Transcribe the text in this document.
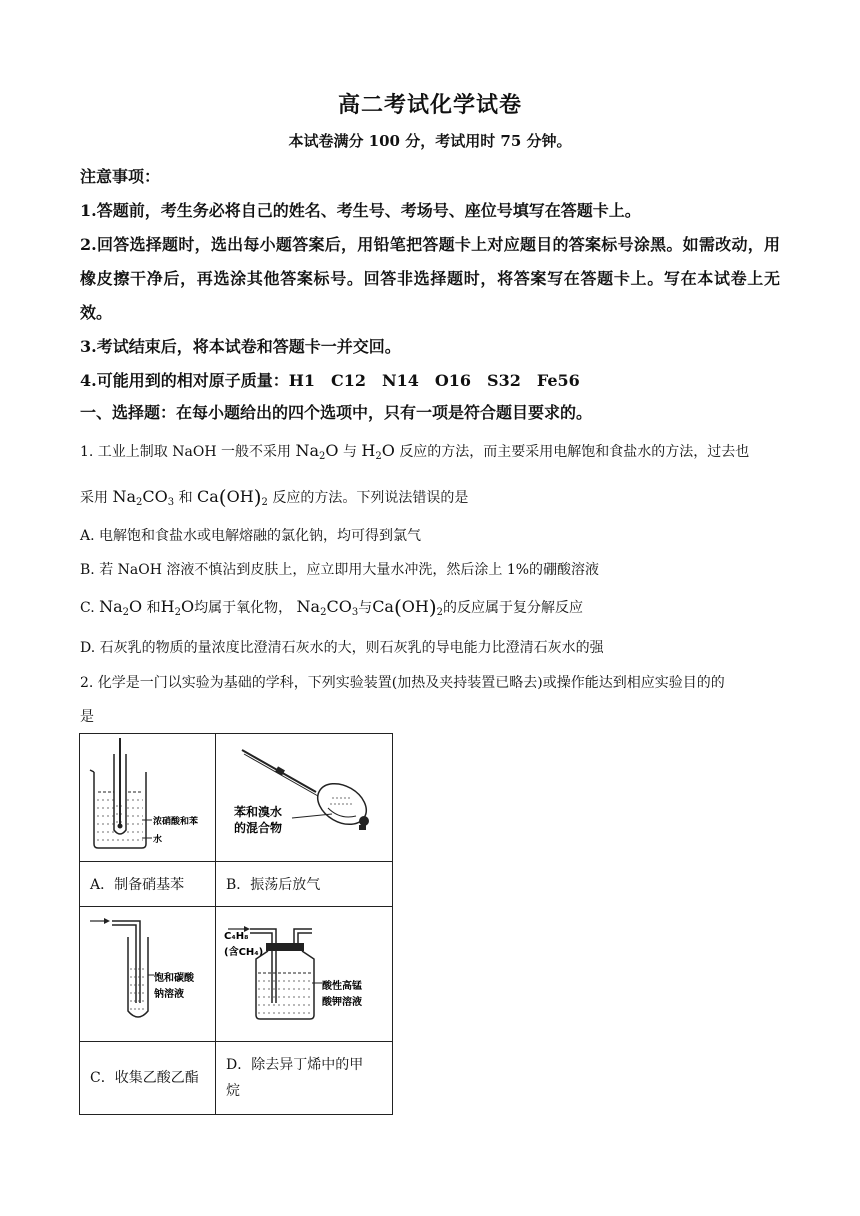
高二考试化学试卷
本试卷满分 100 分，考试用时 75 分钟。
注意事项：
1.答题前，考生务必将自己的姓名、考生号、考场号、座位号填写在答题卡上。
2.回答选择题时，选出每小题答案后，用铅笔把答题卡上对应题目的答案标号涂黑。如需改动，用橡皮擦干净后，再选涂其他答案标号。回答非选择题时，将答案写在答题卡上。写在本试卷上无效。
3.考试结束后，将本试卷和答题卡一并交回。
4.可能用到的相对原子质量：H1　C12　N14　O16　S32　Fe56
一、选择题：在每小题给出的四个选项中，只有一项是符合题目要求的。
1. 工业上制取 NaOH 一般不采用 $Na_2O$ 与 $H_2O$ 反应的方法，而主要采用电解饱和食盐水的方法，过去也
采用 $Na_2CO_3$ 和 $Ca(OH)_2$ 反应的方法。下列说法错误的是
A. 电解饱和食盐水或电解熔融的氯化钠，均可得到氯气
B. 若 NaOH 溶液不慎沾到皮肤上，应立即用大量水冲洗，然后涂上 1%的硼酸溶液
C. $Na_2O$ 和$H_2O$均属于氧化物， $Na_2CO_3$与$Ca(OH)_2$的反应属于复分解反应
D. 石灰乳的物质的量浓度比澄清石灰水的大，则石灰乳的导电能力比澄清石灰水的强
2. 化学是一门以实验为基础的学科，下列实验装置(加热及夹持装置已略去)或操作能达到相应实验目的的
是
浓硝酸和苯
水	苯和溴水
的混合物

A．制备硝基苯	B．振荡后放气

饱和碳酸
钠溶液	C₄H₈
(含CH₄)
酸性高锰
酸钾溶液

C．收集乙酸乙酯	D．除去异丁烯中的甲
烷
